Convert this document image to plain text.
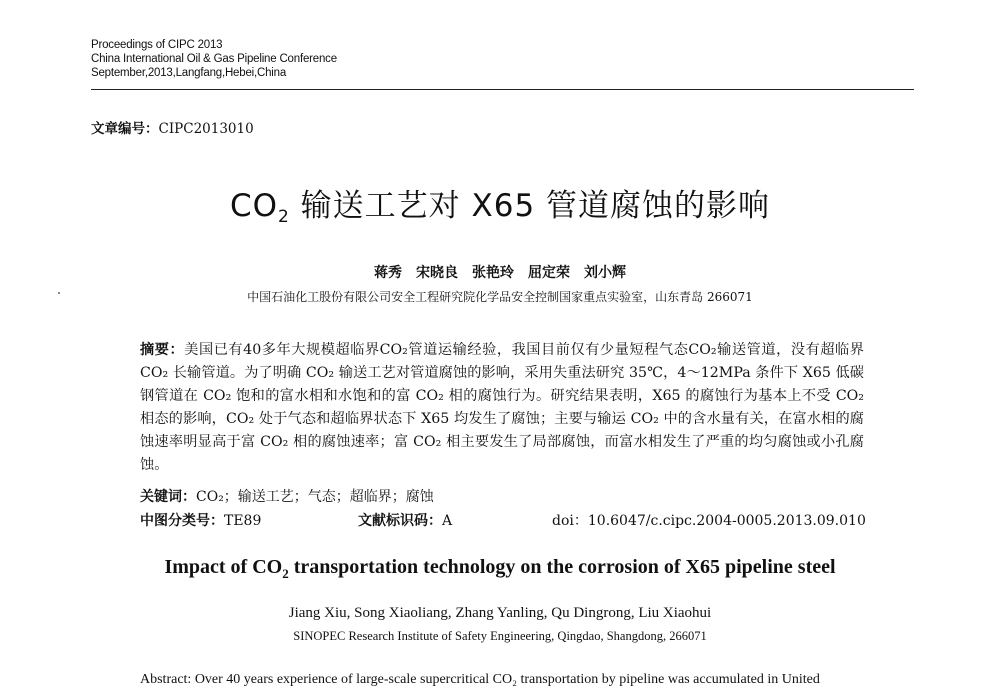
Proceedings of CIPC 2013
China International Oil & Gas Pipeline Conference
September,2013,Langfang,Hebei,China
文章编号：CIPC2013010
$CO_2$ 输送工艺对 X65 管道腐蚀的影响
蒋秀　宋晓良　张艳玲　屈定荣　刘小辉
中国石油化工股份有限公司安全工程研究院化学品安全控制国家重点实验室，山东青岛 266071
摘要：美国已有40多年大规模超临界CO₂管道运输经验，我国目前仅有少量短程气态CO₂输送管道，没有超临界 CO₂ 长输管道。为了明确 CO₂ 输送工艺对管道腐蚀的影响，采用失重法研究 35℃，4～12MPa 条件下 X65 低碳钢管道在 CO₂ 饱和的富水相和水饱和的富 CO₂ 相的腐蚀行为。研究结果表明，X65 的腐蚀行为基本上不受 CO₂ 相态的影响，CO₂ 处于气态和超临界状态下 X65 均发生了腐蚀；主要与输运 CO₂ 中的含水量有关，在富水相的腐蚀速率明显高于富 CO₂ 相的腐蚀速率；富 CO₂ 相主要发生了局部腐蚀，而富水相发生了严重的均匀腐蚀或小孔腐蚀。
关键词：CO₂；输送工艺；气态；超临界；腐蚀
中图分类号：TE89	文献标识码：A	doi：10.6047/c.cipc.2004-0005.2013.09.010
Impact of $CO_2$ transportation technology on the corrosion of X65 pipeline steel
Jiang Xiu, Song Xiaoliang, Zhang Yanling, Qu Dingrong, Liu Xiaohui
SINOPEC Research Institute of Safety Engineering, Qingdao, Shangdong, 266071
Abstract: Over 40 years experience of large-scale supercritical CO₂ transportation by pipeline was accumulated in United
